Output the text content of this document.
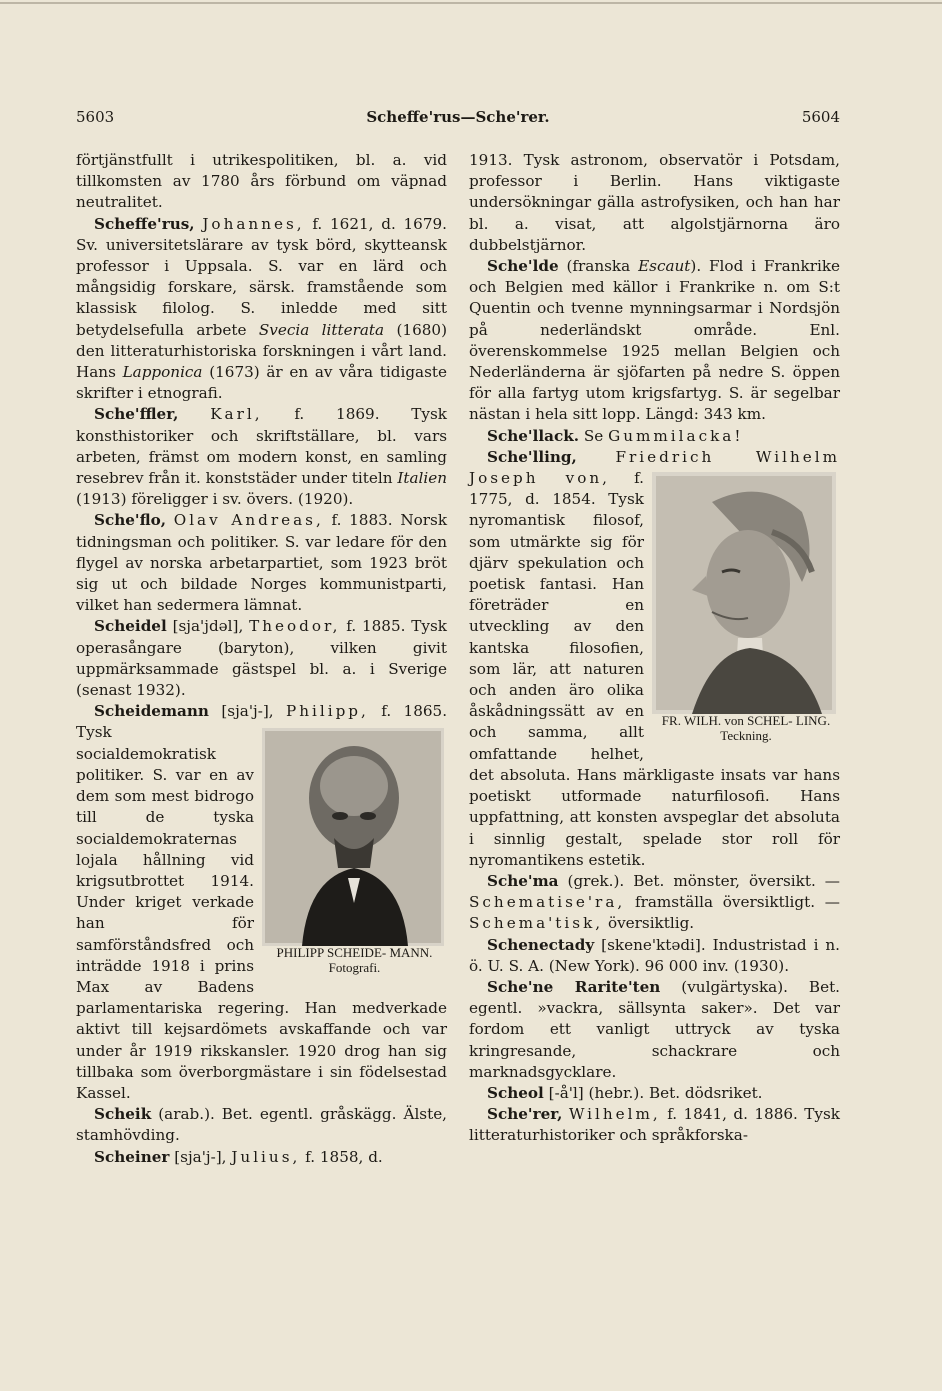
5603	Scheffe'rus—Sche'rer.	5604

förtjänstfullt i utrikespolitiken, bl. a. vid tillkomsten av 1780 års förbund om väpnad neutralitet.

Scheffe'rus, Johannes, f. 1621, d. 1679. Sv. universitetslärare av tysk börd, skytteansk professor i Uppsala. S. var en lärd och mångsidig forskare, särsk. framstående som klassisk filolog. S. inledde med sitt betydelsefulla arbete Svecia litterata (1680) den litteraturhistoriska forskningen i vårt land. Hans Lapponica (1673) är en av våra tidigaste skrifter i etnografi.

Sche'ffler, Karl, f. 1869. Tysk konsthistoriker och skriftställare, bl. vars arbeten, främst om modern konst, en samling resebrev från it. konststäder under titeln Italien (1913) föreligger i sv. övers. (1920).

Sche'flo, Olav Andreas, f. 1883. Norsk tidningsman och politiker. S. var ledare för den flygel av norska arbetarpartiet, som 1923 bröt sig ut och bildade Norges kommunistparti, vilket han sedermera lämnat.

Scheidel [sja'jdəl], Theodor, f. 1885. Tysk operasångare (baryton), vilken givit uppmärksammade gästspel bl. a. i Sverige (senast 1932).

Scheidemann [sja'j-], Philipp,
PHILIPP SCHEIDE- MANN. Fotografi.
f. 1865. Tysk socialdemokratisk politiker. S. var en av dem som mest bidrogo till de tyska socialdemokraternas lojala hållning vid krigsutbrottet 1914. Under kriget verkade han för samförståndsfred och inträdde 1918 i prins Max av Badens parlamentariska regering. Han medverkade aktivt till kejsardömets avskaffande och var under år 1919 rikskansler. 1920 drog han sig tillbaka som överborgmästare i sin födelsestad Kassel.

Scheik (arab.). Bet. egentl. gråskägg. Älste, stamhövding.

Scheiner [sja'j-], Julius, f. 1858, d.

1913. Tysk astronom, observatör i Potsdam, professor i Berlin. Hans viktigaste undersökningar gälla astrofysiken, och han har bl. a. visat, att algolstjärnorna äro dubbelstjärnor.

Sche'lde (franska Escaut). Flod i Frankrike och Belgien med källor i Frankrike n. om S:t Quentin och tvenne mynningsarmar i Nordsjön på nederländskt område. Enl. överenskommelse 1925 mellan Belgien och Nederländerna är sjöfarten på nedre S. öppen för alla fartyg utom krigsfartyg. S. är segelbar nästan i hela sitt lopp. Längd: 343 km.

Sche'llack. Se Gummilacka!

Sche'lling,	Friedrich Wilhelm Joseph von,
FR. WILH. von SCHEL- LING. Teckning.
f. 1775, d. 1854. Tysk nyromantisk filosof, som utmärkte sig för djärv spekulation och poetisk fantasi. Han företräder en utveckling av den kantska filosofien, som lär, att naturen och anden äro olika åskådningssätt av en och samma, allt omfattande helhet, det absoluta. Hans märkligaste insats var hans poetiskt utformade naturfilosofi. Hans uppfattning, att konsten avspeglar det absoluta i sinnlig gestalt, spelade stor roll för nyromantikens estetik.

Sche'ma (grek.). Bet. mönster, översikt. — Schematise'ra, framställa översiktligt. — Schema'tisk, översiktlig.

Schenectady [skene'ktədi]. Industristad i n. ö. U. S. A. (New York). 96 000 inv. (1930).

Sche'ne Rarite'ten (vulgärtyska). Bet. egentl. »vackra, sällsynta saker». Det var fordom ett vanligt uttryck av tyska kringresande, schackrare och marknadsgycklare.

Scheol [-å'l] (hebr.). Bet. dödsriket.

Sche'rer, Wilhelm, f. 1841, d. 1886. Tysk litteraturhistoriker och språkforska-
